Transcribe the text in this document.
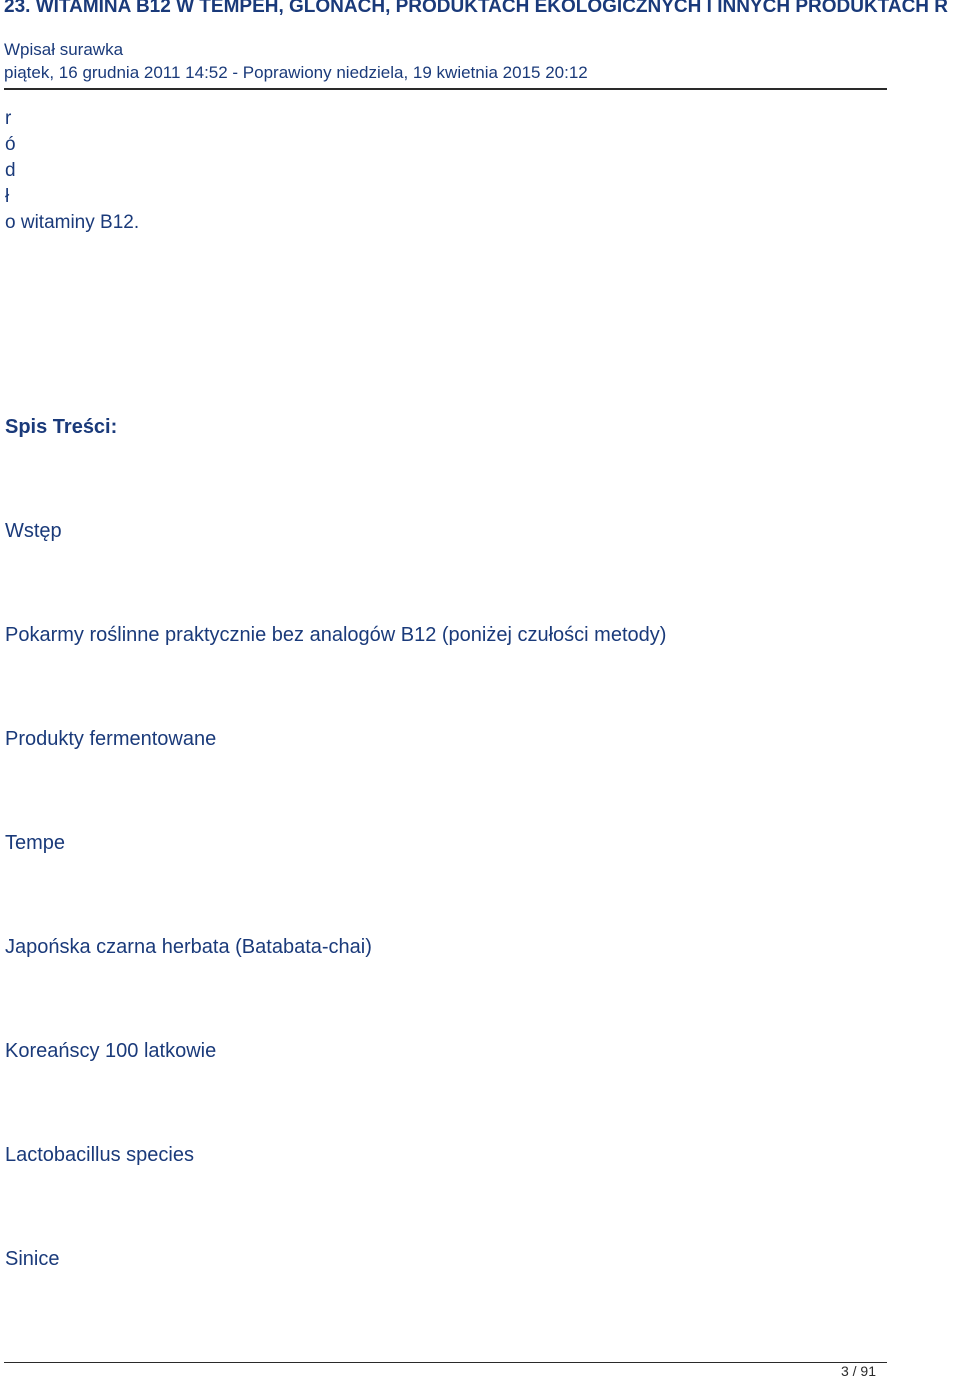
23. WITAMINA B12 W TEMPEH, GLONACH, PRODUKTACH EKOLOGICZNYCH I INNYCH PRODUKTACH R
Wpisał surawka
piątek, 16 grudnia 2011 14:52 - Poprawiony niedziela, 19 kwietnia 2015 20:12
r
ó
d
ł
o witaminy B12.
Spis Treści:
Wstęp
Pokarmy roślinne praktycznie bez analogów B12 (poniżej czułości metody)
Produkty fermentowane
Tempe
Japońska czarna herbata (Batabata-chai)
Koreańscy 100 latkowie
Lactobacillus species
Sinice
3 / 91
